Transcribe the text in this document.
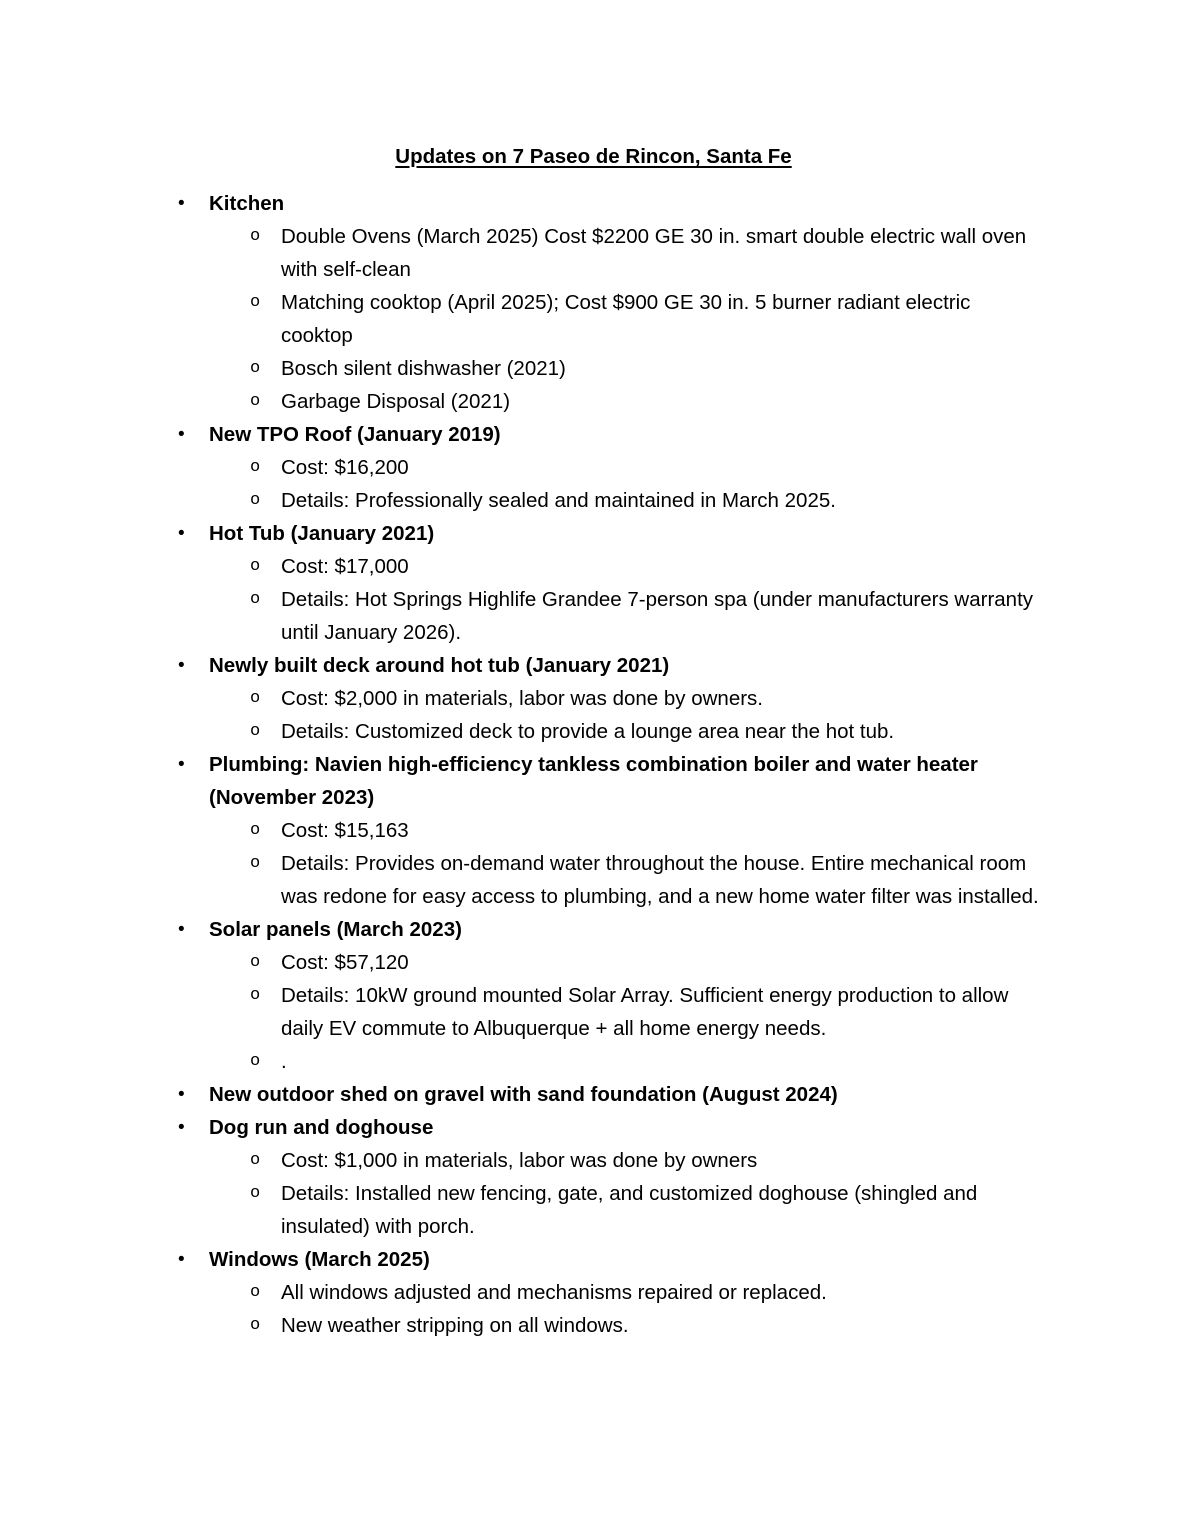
Updates on 7 Paseo de Rincon, Santa Fe
•	Kitchen
o	Double Ovens (March 2025) Cost $2200 GE 30 in. smart double electric wall oven with self-clean
o	Matching cooktop (April 2025); Cost $900 GE 30 in. 5 burner radiant electric cooktop
o	Bosch silent dishwasher (2021)
o	Garbage Disposal (2021)
•	New TPO Roof (January 2019)
o	Cost: $16,200
o	Details: Professionally sealed and maintained in March 2025.
•	Hot Tub (January 2021)
o	Cost: $17,000
o	Details: Hot Springs Highlife Grandee 7-person spa (under manufacturers warranty until January 2026).
•	Newly built deck around hot tub (January 2021)
o	Cost: $2,000 in materials, labor was done by owners.
o	Details: Customized deck to provide a lounge area near the hot tub.
•	Plumbing: Navien high-efficiency tankless combination boiler and water heater (November 2023)
o	Cost: $15,163
o	Details: Provides on-demand water throughout the house. Entire mechanical room was redone for easy access to plumbing, and a new home water filter was installed.
•	Solar panels (March 2023)
o	Cost: $57,120
o	Details: 10kW ground mounted Solar Array. Sufficient energy production to allow daily EV commute to Albuquerque + all home energy needs.
o	.
•	New outdoor shed on gravel with sand foundation (August 2024)
•	Dog run and doghouse
o	Cost: $1,000 in materials, labor was done by owners
o	Details: Installed new fencing, gate, and customized doghouse (shingled and insulated) with porch.
•	Windows (March 2025)
o	All windows adjusted and mechanisms repaired or replaced.
o	New weather stripping on all windows.
